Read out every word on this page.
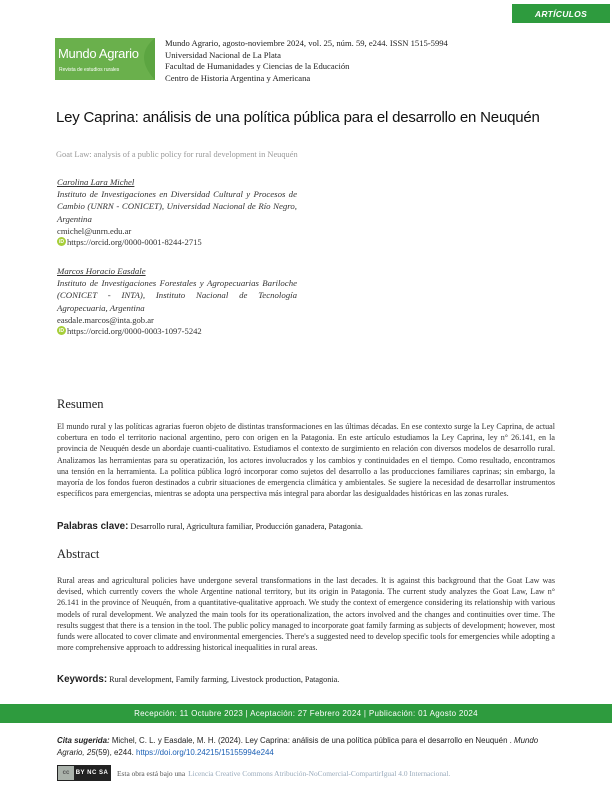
ARTÍCULOS
Mundo Agrario
Revista de estudios rurales
Mundo Agrario, agosto-noviembre 2024, vol. 25, núm. 59, e244. ISSN 1515-5994
Universidad Nacional de La Plata
Facultad de Humanidades y Ciencias de la Educación
Centro de Historia Argentina y Americana
Ley Caprina: análisis de una política pública para el desarrollo en Neuquén
Goat Law: analysis of a public policy for rural development in Neuquén
Carolina Lara Michel
Instituto de Investigaciones en Diversidad Cultural y Procesos de Cambio (UNRN - CONICET), Universidad Nacional de Río Negro, Argentina
cmichel@unrn.edu.ar
iD https://orcid.org/0000-0001-8244-2715
Marcos Horacio Easdale
Instituto de Investigaciones Forestales y Agropecuarias Bariloche (CONICET - INTA), Instituto Nacional de Tecnología Agropecuaria, Argentina
easdale.marcos@inta.gob.ar
iD https://orcid.org/0000-0003-1097-5242
Resumen
El mundo rural y las políticas agrarias fueron objeto de distintas transformaciones en las últimas décadas. En ese contexto surge la Ley Caprina, de actual cobertura en todo el territorio nacional argentino, pero con origen en la Patagonia. En este artículo estudiamos la Ley Caprina, ley n° 26.141, en la provincia de Neuquén desde un abordaje cuanti-cualitativo. Estudiamos el contexto de surgimiento en relación con diversos modelos de desarrollo rural. Analizamos las herramientas para su operatización, los actores involucrados y los cambios y continuidades en el tiempo. Como resultado, encontramos una tensión en la herramienta. La política pública logró incorporar como sujetos del desarrollo a las producciones familiares caprinas; sin embargo, la mayoría de los fondos fueron destinados a cubrir situaciones de emergencia climática y ambientales. Se sugiere la necesidad de desarrollar instrumentos específicos para emergencias, mientras se adopta una perspectiva más integral para abordar las desigualdades históricas en las zonas rurales.
Palabras clave: Desarrollo rural, Agricultura familiar, Producción ganadera, Patagonia.
Abstract
Rural areas and agricultural policies have undergone several transformations in the last decades. It is against this background that the Goat Law was devised, which currently covers the whole Argentine national territory, but its origin in Patagonia. The current study analyzes the Goat Law, Law n° 26.141 in the province of Neuquén, from a quantitative-qualitative approach. We study the context of emergence considering its relationship with various models of rural development. We analyzed the main tools for its operationalization, the actors involved and the changes and continuities over time. The results suggest that there is a tension in the tool. The public policy managed to incorporate goat family farming as subjects of development; however, most funds were allocated to cover climate and environmental emergencies. There's a suggested need to develop specific tools for emergencies while adopting a more comprehensive approach to addressing historical inequalities in rural areas.
Keywords: Rural development, Family farming, Livestock production, Patagonia.
Recepción: 11 Octubre 2023 | Aceptación: 27 Febrero 2024 | Publicación: 01 Agosto 2024
Cita sugerida: Michel, C. L. y Easdale, M. H. (2024). Ley Caprina: análisis de una política pública para el desarrollo en Neuquén . Mundo Agrario, 25(59), e244. https://doi.org/10.24215/15155994e244
cc	BY NC SA Esta obra está bajo una Licencia Creative Commons Atribución-NoComercial-CompartirIgual 4.0 Internacional.
